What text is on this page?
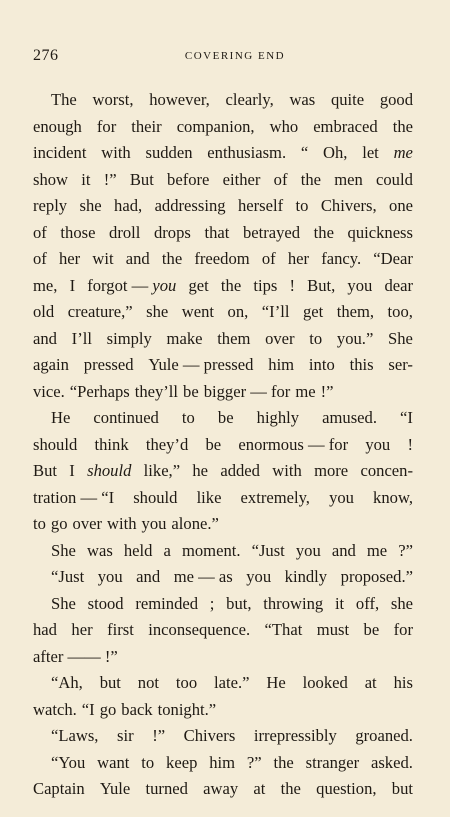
276	COVERING END
The worst, however, clearly, was quite good
enough for their companion, who embraced the
incident with sudden enthusiasm. “ Oh, let me
show it !” But before either of the men could
reply she had, addressing herself to Chivers, one
of those droll drops that betrayed the quickness
of her wit and the freedom of her fancy. “Dear
me, I forgot — you get the tips ! But, you dear
old creature,” she went on, “I’ll get them, too,
and I’ll simply make them over to you.” She
again pressed Yule — pressed him into this ser-
vice. “Perhaps they’ll be bigger — for me !”
He continued to be highly amused. “I
should think they’d be enormous — for you !
But I should like,” he added with more concen-
tration — “I should like extremely, you know,
to go over with you alone.”
She was held a moment. “Just you and me ?”
“Just you and me — as you kindly proposed.”
She stood reminded ; but, throwing it off, she
had her first inconsequence. “That must be for
after —— !”
“Ah, but not too late.” He looked at his
watch. “I go back tonight.”
“Laws, sir !” Chivers irrepressibly groaned.
“You want to keep him ?” the stranger asked.
Captain Yule turned away at the question, but
